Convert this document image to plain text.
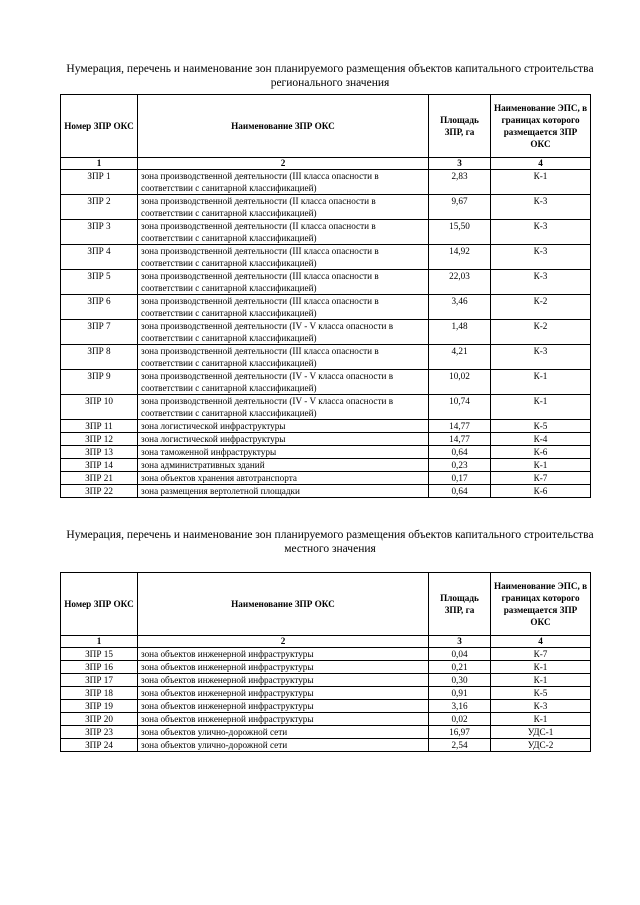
Нумерация, перечень и наименование зон планируемого размещения объектов капитального строительства регионального значения
Номер ЗПР ОКС	Наименование ЗПР ОКС	Площадь ЗПР, га	Наименование ЭПС, в границах которого размещается ЗПР ОКС
1	2	3	4
ЗПР 1	зона производственной деятельности (III класса опасности в соответствии с санитарной классификацией)	2,83	К-1
ЗПР 2	зона производственной деятельности (II класса опасности в соответствии с санитарной классификацией)	9,67	К-3
ЗПР 3	зона производственной деятельности (II класса опасности в соответствии с санитарной классификацией)	15,50	К-3
ЗПР 4	зона производственной деятельности (III класса опасности в соответствии с санитарной классификацией)	14,92	К-3
ЗПР 5	зона производственной деятельности (III класса опасности в соответствии с санитарной классификацией)	22,03	К-3
ЗПР 6	зона производственной деятельности (III класса опасности в соответствии с санитарной классификацией)	3,46	К-2
ЗПР 7	зона производственной деятельности (IV - V класса опасности в соответствии с санитарной классификацией)	1,48	К-2
ЗПР 8	зона производственной деятельности (III класса опасности в соответствии с санитарной классификацией)	4,21	К-3
ЗПР 9	зона производственной деятельности (IV - V класса опасности в соответствии с санитарной классификацией)	10,02	К-1
ЗПР 10	зона производственной деятельности (IV - V класса опасности в соответствии с санитарной классификацией)	10,74	К-1
ЗПР 11	зона логистической инфраструктуры	14,77	К-5
ЗПР 12	зона логистической инфраструктуры	14,77	К-4
ЗПР 13	зона таможенной инфраструктуры	0,64	К-6
ЗПР 14	зона административных зданий	0,23	К-1
ЗПР 21	зона объектов хранения автотранспорта	0,17	К-7
ЗПР 22	зона размещения вертолетной площадки	0,64	К-6
Нумерация, перечень и наименование зон планируемого размещения объектов капитального строительства местного значения
Номер ЗПР ОКС	Наименование ЗПР ОКС	Площадь ЗПР, га	Наименование ЭПС, в границах которого размещается ЗПР ОКС
1	2	3	4
ЗПР 15	зона объектов инженерной инфраструктуры	0,04	К-7
ЗПР 16	зона объектов инженерной инфраструктуры	0,21	К-1
ЗПР 17	зона объектов инженерной инфраструктуры	0,30	К-1
ЗПР 18	зона объектов инженерной инфраструктуры	0,91	К-5
ЗПР 19	зона объектов инженерной инфраструктуры	3,16	К-3
ЗПР 20	зона объектов инженерной инфраструктуры	0,02	К-1
ЗПР 23	зона объектов улично-дорожной сети	16,97	УДС-1
ЗПР 24	зона объектов улично-дорожной сети	2,54	УДС-2
